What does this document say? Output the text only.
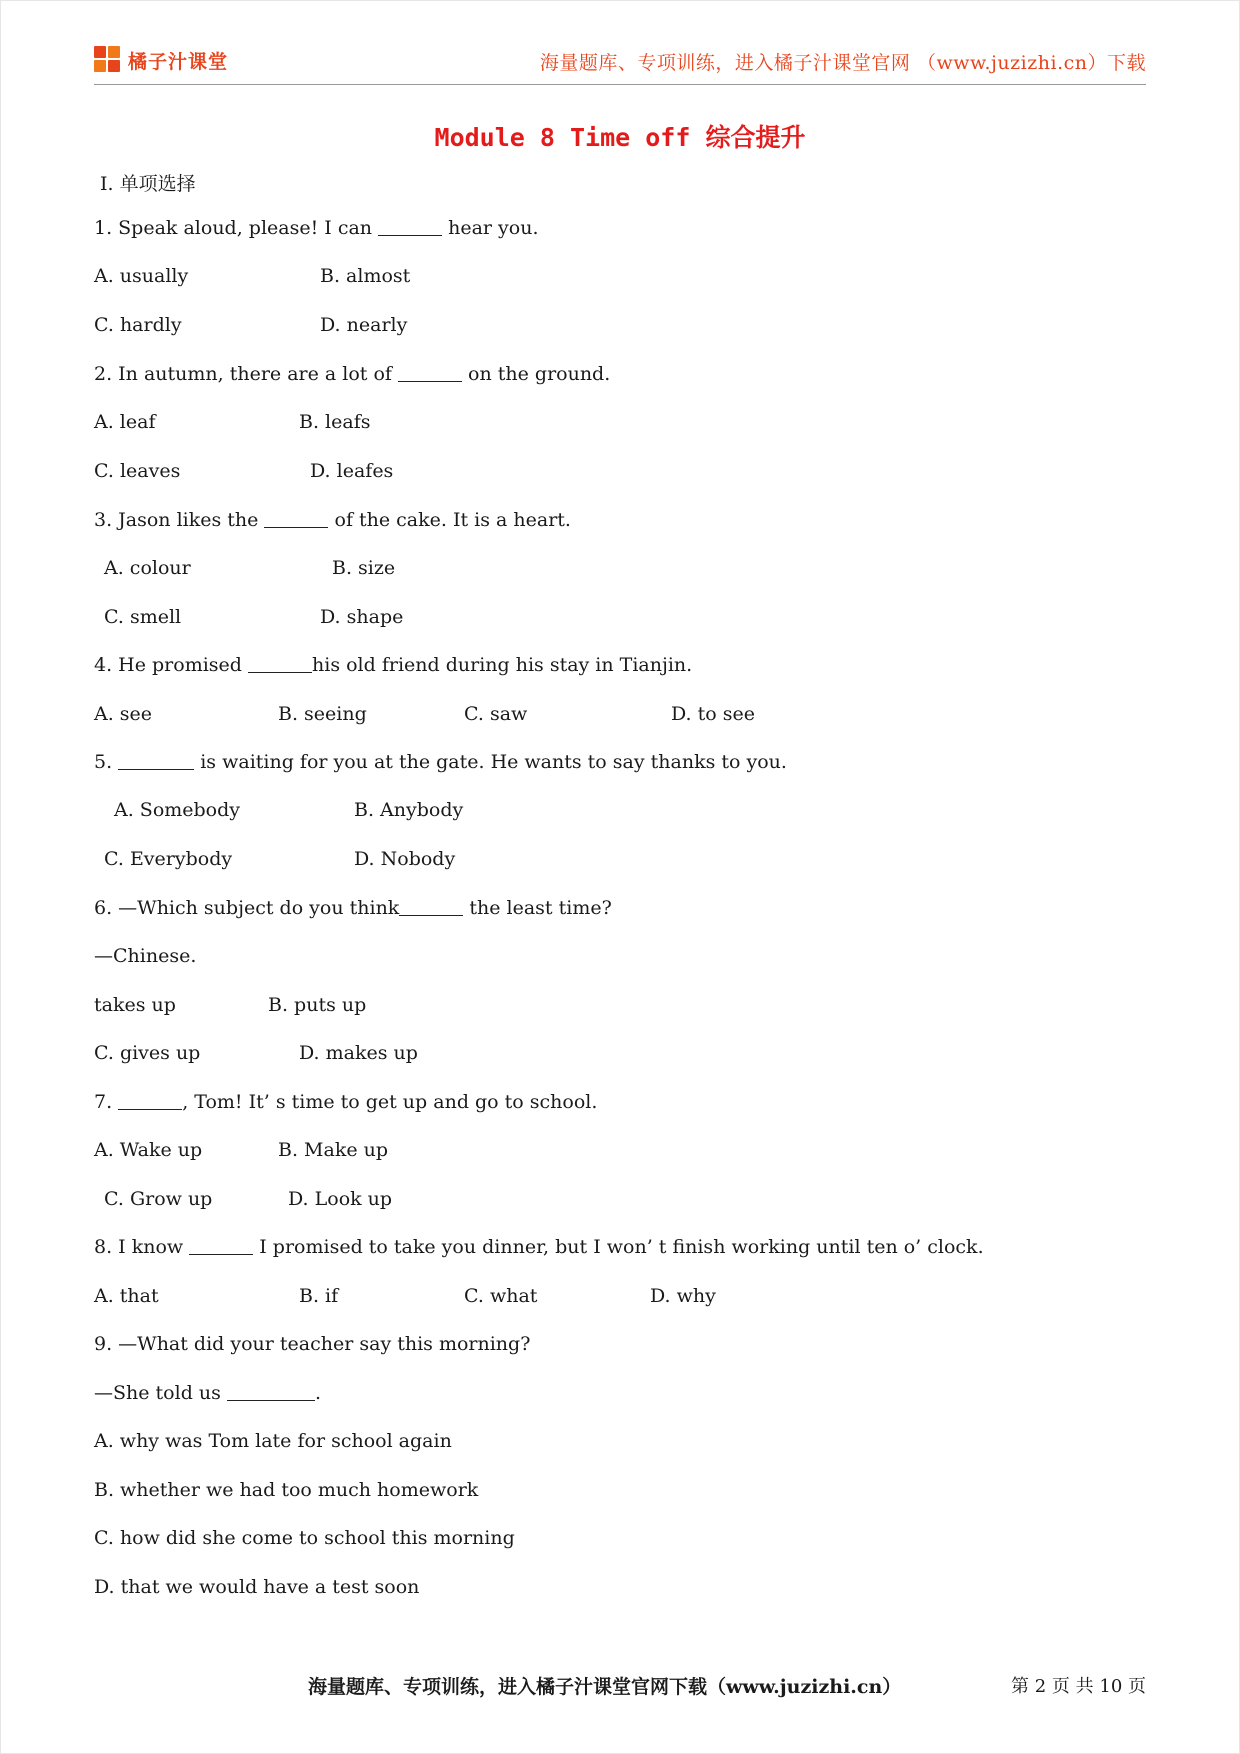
橘子汁课堂	海量题库、专项训练，进入橘子汁课堂官网 （www.juzizhi.cn）下载
Module 8 Time off 综合提升
Ⅰ. 单项选择
1. Speak aloud, please! I can	hear you.
A. usually	B. almost
C. hardly	D. nearly
2. In autumn, there are a lot of	on the ground.
A. leaf	B. leafs
C. leaves	D. leafes
3. Jason likes the	of the cake. It is a heart.
A. colour	B. size
C. smell	D. shape
4. He promised	his old friend during his stay in Tianjin.
A. see	B. seeing	C. saw	D. to see
5.	is waiting for you at the gate. He wants to say thanks to you.
A. Somebody	B. Anybody
C. Everybody	D. Nobody
6. —Which subject do you think	the least time?
—Chinese.
takes up	B. puts up
C. gives up	D. makes up
7.	, Tom! It’ s time to get up and go to school.
A. Wake up	B. Make up
C. Grow up	D. Look up
8. I know	I promised to take you dinner, but I won’ t finish working until ten o’ clock.
A. that	B. if	C. what	D. why
9. —What did your teacher say this morning?
—She told us	.
A. why was Tom late for school again
B. whether we had too much homework
C. how did she come to school this morning
D. that we would have a test soon
海量题库、专项训练，进入橘子汁课堂官网下载（www.juzizhi.cn）	第 2 页 共 10 页
